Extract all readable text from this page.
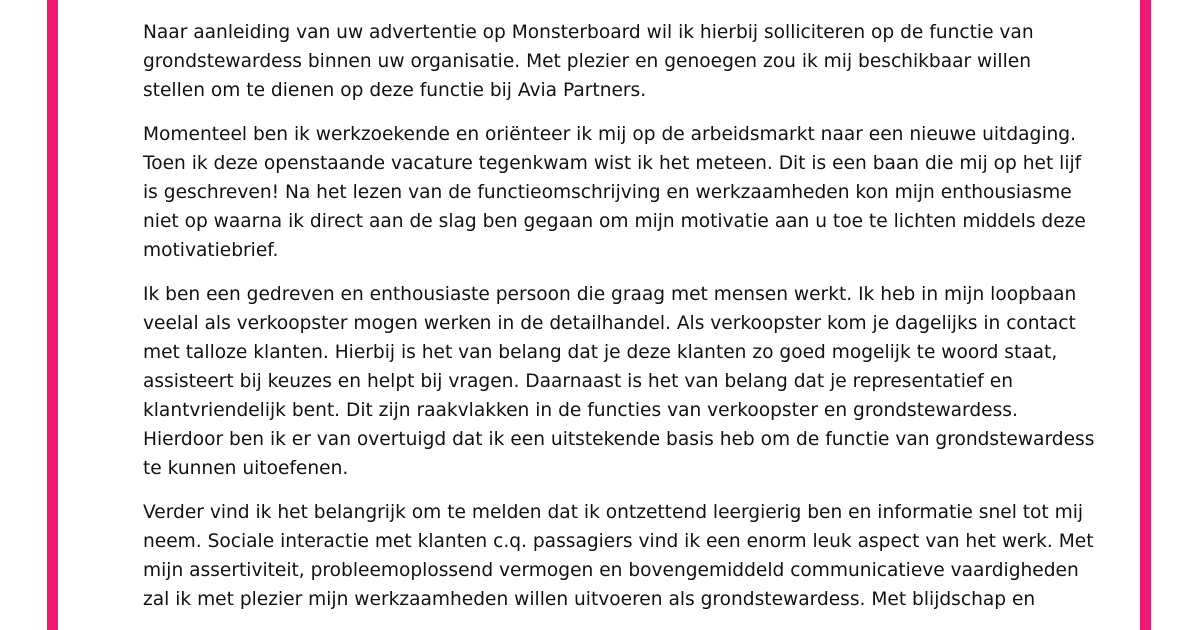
Naar aanleiding van uw advertentie op Monsterboard wil ik hierbij solliciteren op de functie van
grondstewardess binnen uw organisatie. Met plezier en genoegen zou ik mij beschikbaar willen
stellen om te dienen op deze functie bij Avia Partners.
Momenteel ben ik werkzoekende en oriënteer ik mij op de arbeidsmarkt naar een nieuwe uitdaging.
Toen ik deze openstaande vacature tegenkwam wist ik het meteen. Dit is een baan die mij op het lijf
is geschreven! Na het lezen van de functieomschrijving en werkzaamheden kon mijn enthousiasme
niet op waarna ik direct aan de slag ben gegaan om mijn motivatie aan u toe te lichten middels deze
motivatiebrief.
Ik ben een gedreven en enthousiaste persoon die graag met mensen werkt. Ik heb in mijn loopbaan
veelal als verkoopster mogen werken in de detailhandel. Als verkoopster kom je dagelijks in contact
met talloze klanten. Hierbij is het van belang dat je deze klanten zo goed mogelijk te woord staat,
assisteert bij keuzes en helpt bij vragen. Daarnaast is het van belang dat je representatief en
klantvriendelijk bent. Dit zijn raakvlakken in de functies van verkoopster en grondstewardess.
Hierdoor ben ik er van overtuigd dat ik een uitstekende basis heb om de functie van grondstewardess
te kunnen uitoefenen.
Verder vind ik het belangrijk om te melden dat ik ontzettend leergierig ben en informatie snel tot mij
neem. Sociale interactie met klanten c.q. passagiers vind ik een enorm leuk aspect van het werk. Met
mijn assertiviteit, probleemoplossend vermogen en bovengemiddeld communicatieve vaardigheden
zal ik met plezier mijn werkzaamheden willen uitvoeren als grondstewardess. Met blijdschap en
